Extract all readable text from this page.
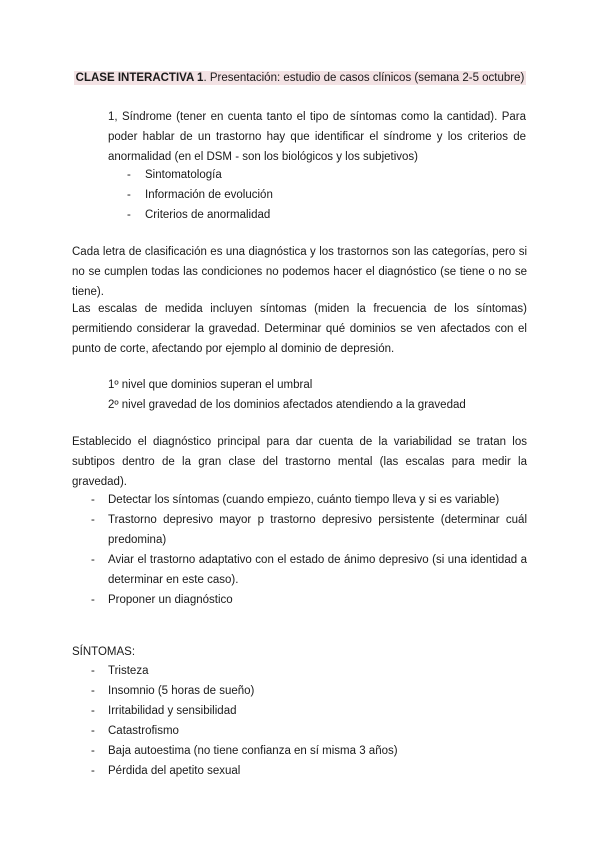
CLASE INTERACTIVA 1. Presentación: estudio de casos clínicos (semana 2-5 octubre)

1, Síndrome (tener en cuenta tanto el tipo de síntomas como la cantidad). Para poder hablar de un trastorno hay que identificar el síndrome y los criterios de anormalidad (en el DSM - son los biológicos y los subjetivos)

- Sintomatología
- Información de evolución
- Criterios de anormalidad

Cada letra de clasificación es una diagnóstica y los trastornos son las categorías, pero si no se cumplen todas las condiciones no podemos hacer el diagnóstico (se tiene o no se tiene).

Las escalas de medida incluyen síntomas (miden la frecuencia de los síntomas) permitiendo considerar la gravedad. Determinar qué dominios se ven afectados con el punto de corte, afectando por ejemplo al dominio de depresión.

1º nivel que dominios superan el umbral

2º nivel gravedad de los dominios afectados atendiendo a la gravedad

Establecido el diagnóstico principal para dar cuenta de la variabilidad se tratan los subtipos dentro de la gran clase del trastorno mental (las escalas para medir la gravedad).

- Detectar los síntomas (cuando empiezo, cuánto tiempo lleva y si es variable)
- Trastorno depresivo mayor p trastorno depresivo persistente (determinar cuál predomina)
- Aviar el trastorno adaptativo con el estado de ánimo depresivo (si una identidad a determinar en este caso).
- Proponer un diagnóstico

SÍNTOMAS:

- Tristeza
- Insomnio (5 horas de sueño)
- Irritabilidad y sensibilidad
- Catastrofismo
- Baja autoestima (no tiene confianza en sí misma 3 años)
- Pérdida del apetito sexual
